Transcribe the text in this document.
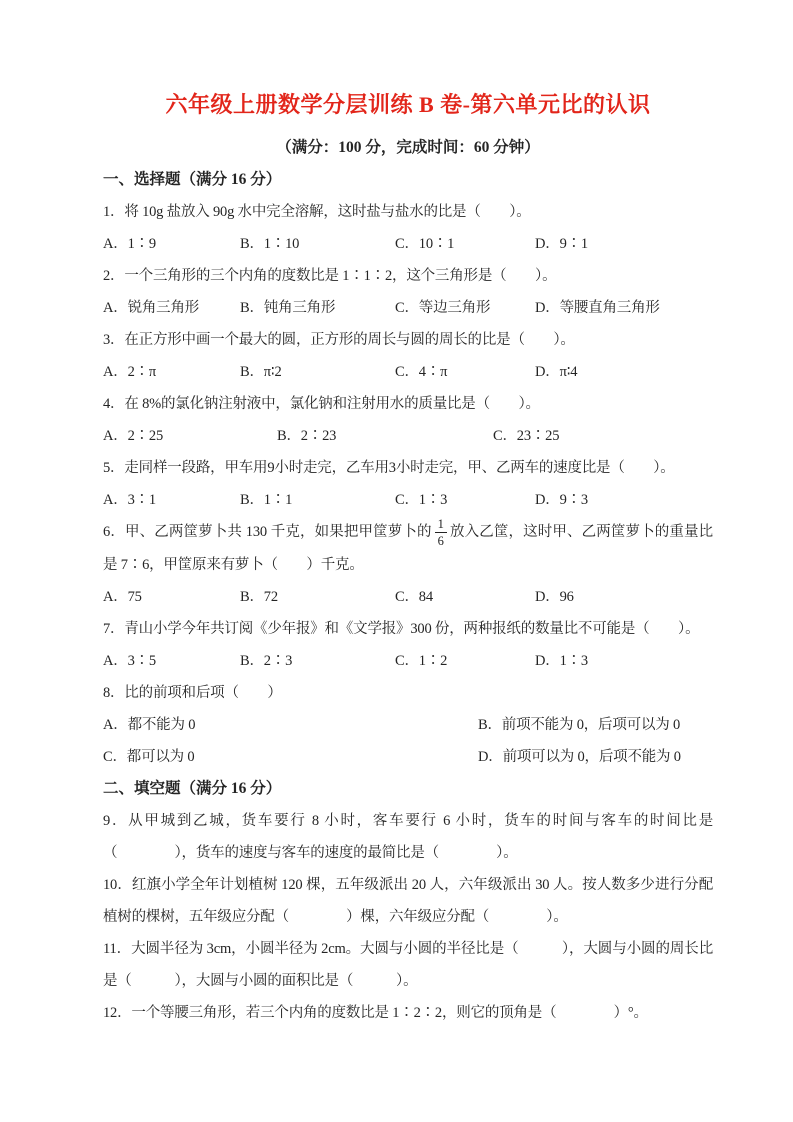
六年级上册数学分层训练 B 卷-第六单元比的认识

（满分：100 分，完成时间：60 分钟）

一、选择题（满分 16 分）

1．将 10g 盐放入 90g 水中完全溶解，这时盐与盐水的比是（　　）。

A．1∶9	B．1∶10	C．10∶1	D．9∶1

2．一个三角形的三个内角的度数比是 1∶1∶2，这个三角形是（　　）。

A．锐角三角形	B．钝角三角形	C．等边三角形	D．等腰直角三角形

3．在正方形中画一个最大的圆，正方形的周长与圆的周长的比是（　　）。

A．2∶π	B．π∶2	C．4∶π	D．π∶4

4．在 8%的氯化钠注射液中，氯化钠和注射用水的质量比是（　　）。

A．2∶25	B．2∶23	C．23∶25

5．走同样一段路，甲车用9小时走完，乙车用3小时走完，甲、乙两车的速度比是（　　）。

A．3∶1	B．1∶1	C．1∶3	D．9∶3

6．甲、乙两筐萝卜共 130 千克，如果把甲筐萝卜的 $\frac{1}{6}$ 放入乙筐，这时甲、乙两筐萝卜的重量比是 7∶6，甲筐原来有萝卜（　　）千克。

A．75	B．72	C．84	D．96

7．青山小学今年共订阅《少年报》和《文学报》300 份，两种报纸的数量比不可能是（　　）。

A．3∶5	B．2∶3	C．1∶2	D．1∶3

8．比的前项和后项（　　）

A．都不能为 0	B．前项不能为 0，后项可以为 0
C．都可以为 0	D．前项可以为 0，后项不能为 0
二、填空题（满分 16 分）

9．从甲城到乙城，货车要行 8 小时，客车要行 6 小时，货车的时间与客车的时间比是（　　　　），货车的速度与客车的速度的最简比是（　　　　）。

10．红旗小学全年计划植树 120 棵，五年级派出 20 人，六年级派出 30 人。按人数多少进行分配植树的棵树，五年级应分配（　　　　）棵，六年级应分配（　　　　）。

11．大圆半径为 3cm，小圆半径为 2cm。大圆与小圆的半径比是（　　　），大圆与小圆的周长比是（　　　），大圆与小圆的面积比是（　　　）。

12．一个等腰三角形，若三个内角的度数比是 1∶2∶2，则它的顶角是（　　　　）°。
